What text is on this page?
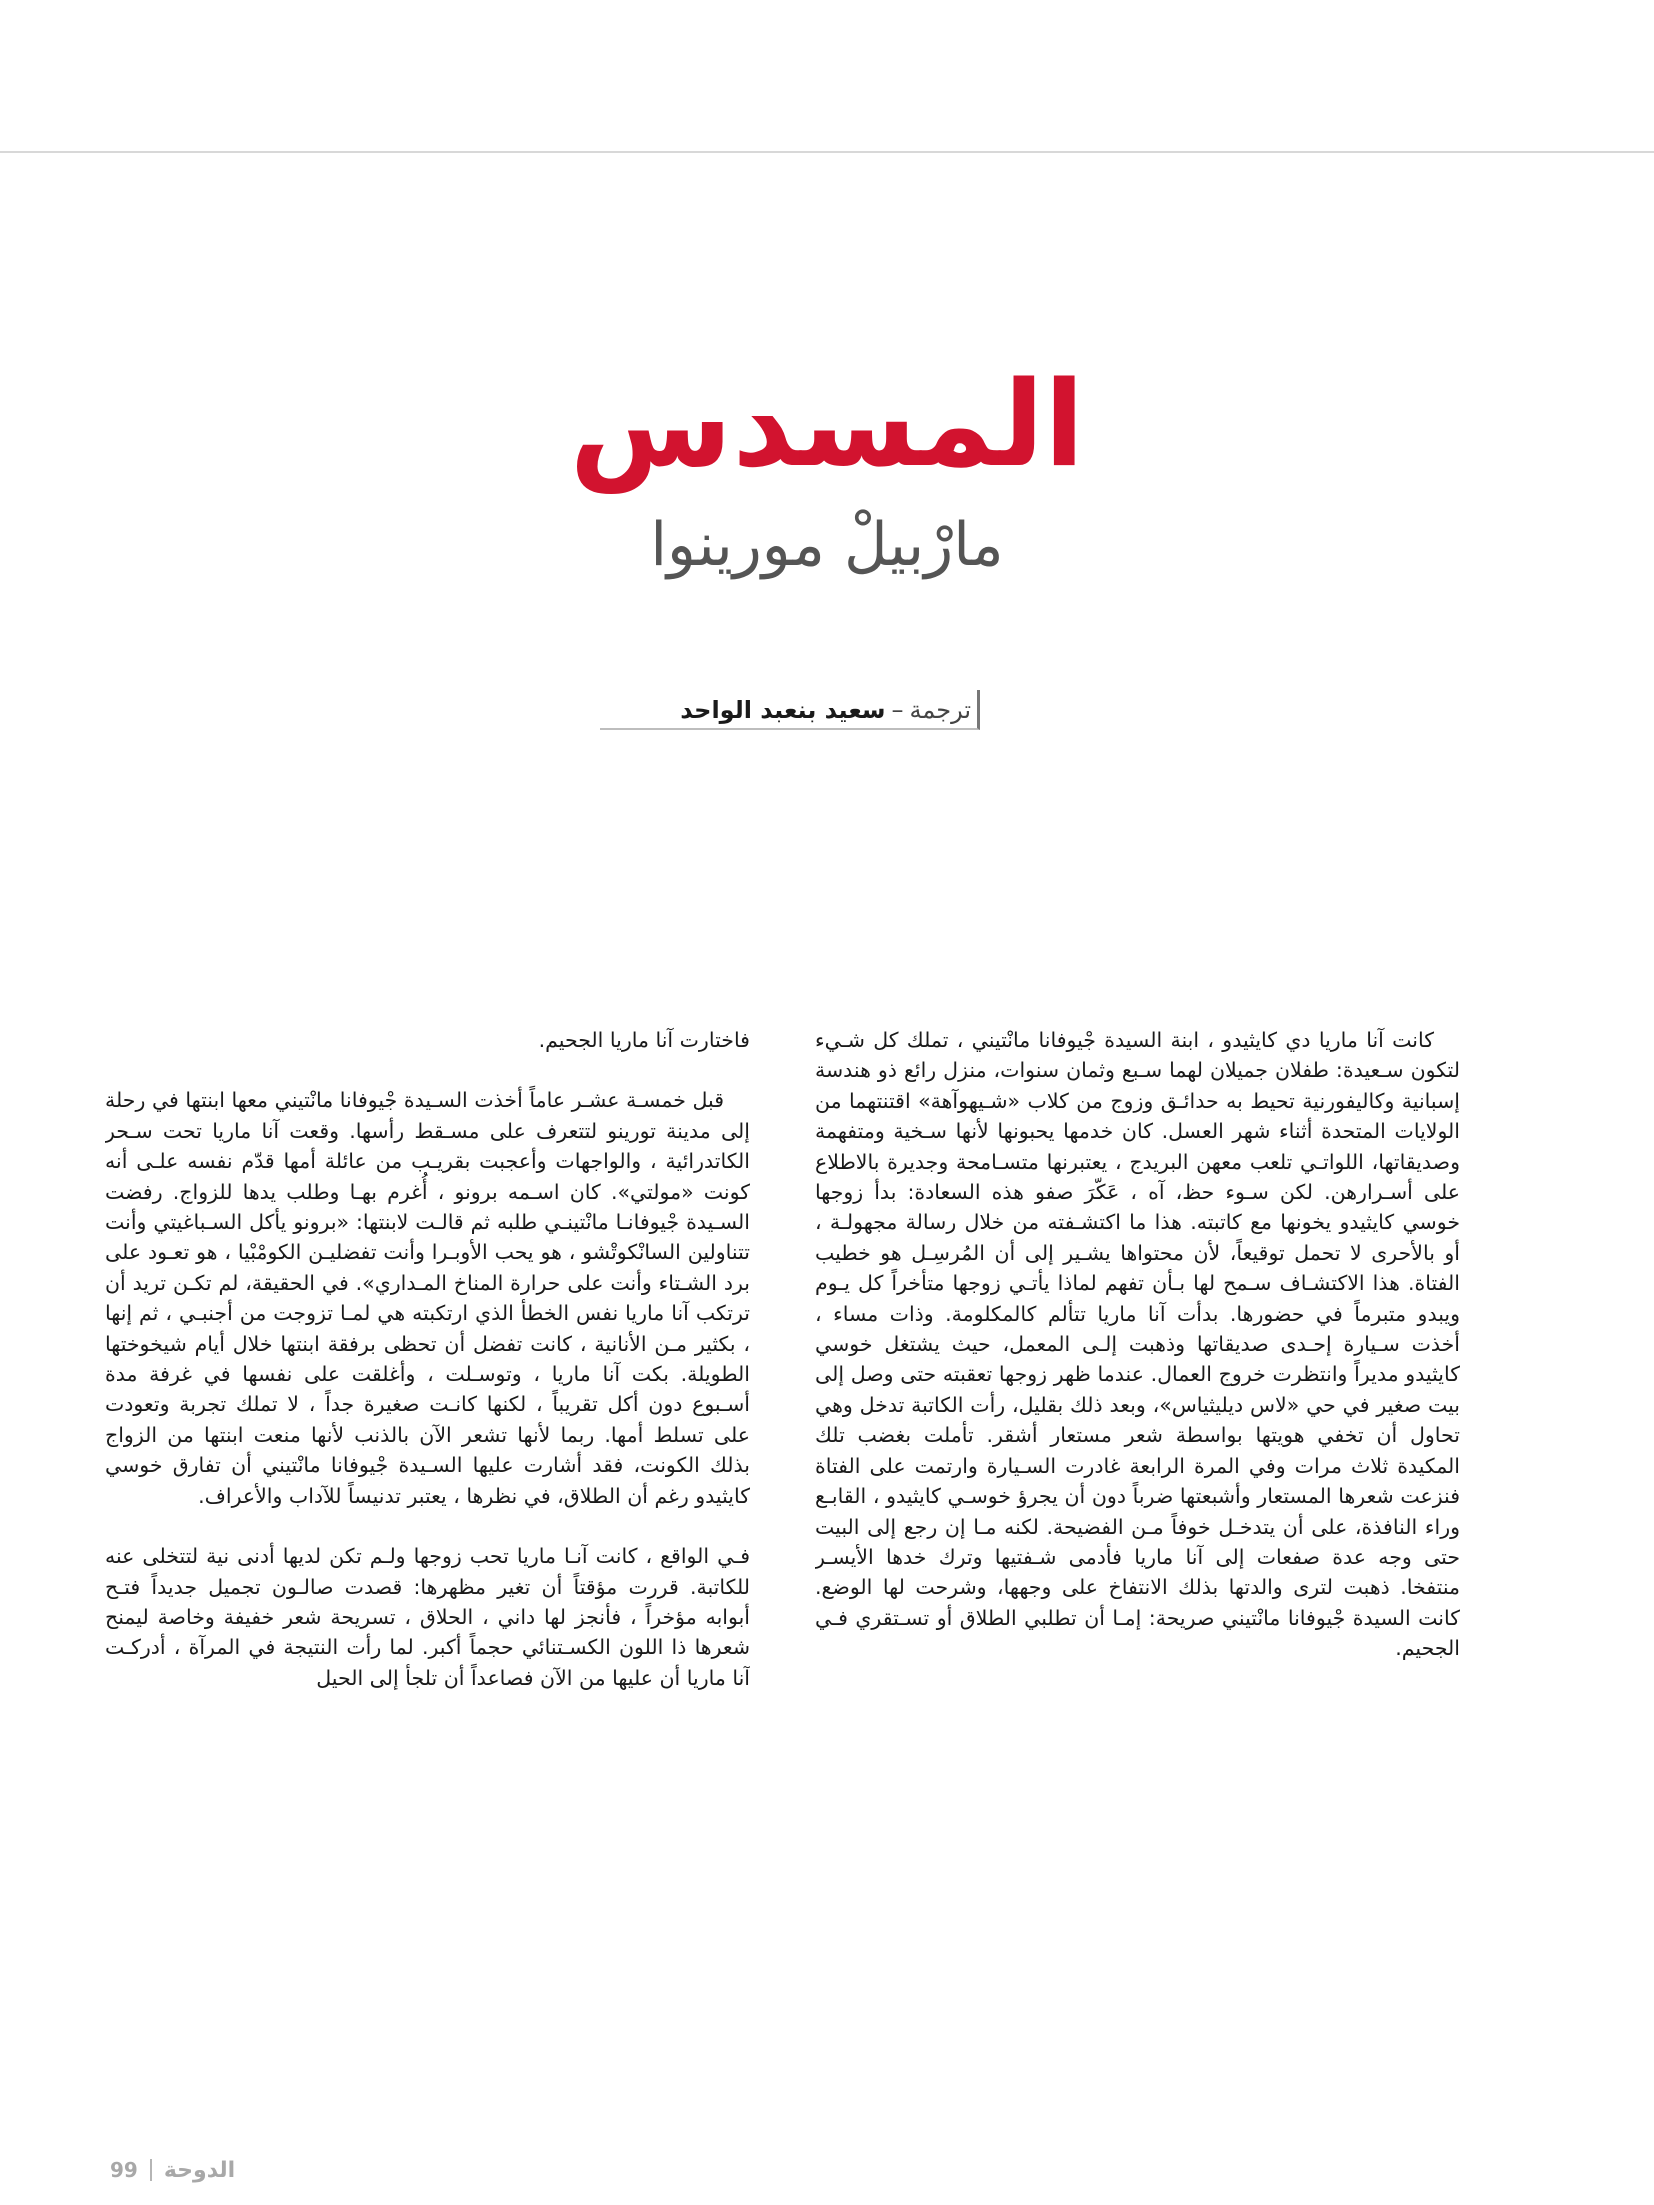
المسدس
مارْبيلْ مورينوا
ترجمة–سعيد بنعبد الواحد

كانت آنا ماريا دي كايثيدو ، ابنة السيدة جْيوفانا مانْتيني ، تملك كل شـيء لتكون سـعيدة: طفلان جميلان لهما سـبع وثمان سنوات، منزل رائع ذو هندسة إسبانية وكاليفورنية تحيط به حدائـق وزوج من كلاب «شـيهوآهة» اقتنتهما من الولايات المتحدة أثناء شهر العسل. كان خدمها يحبونها لأنها سـخية ومتفهمة وصديقاتها، اللواتـي تلعب معهن البريدج ، يعتبرنها متسـامحة وجديرة بالاطلاع على أسـرارهن. لكن سـوء حظ، آه ، عَكّرَ صفو هذه السعادة: بدأ زوجها خوسي كايثيدو يخونها مع كاتبته. هذا ما اكتشـفته من خلال رسالة مجهولـة ، أو بالأحرى لا تحمل توقيعاً، لأن محتواها يشـير إلى أن المُرسِـل هو خطيب الفتاة. هذا الاكتشـاف سـمح لها بـأن تفهم لماذا يأتـي زوجها متأخراً كل يـوم ويبدو متبرماً في حضورها. بدأت آنا ماريا تتألم كالمكلومة. وذات مساء ، أخذت سـيارة إحـدى صديقاتها وذهبت إلـى المعمل، حيث يشتغل خوسي كايثيدو مديراً وانتظرت خروج العمال. عندما ظهر زوجها تعقبته حتى وصل إلى بيت صغير في حي «لاس ديليثياس»، وبعد ذلك بقليل، رأت الكاتبة تدخل وهي تحاول أن تخفي هويتها بواسطة شعر مستعار أشقر. تأملت بغضب تلك المكيدة ثلاث مرات وفي المرة الرابعة غادرت السـيارة وارتمت على الفتاة فنزعت شعرها المستعار وأشبعتها ضرباً دون أن يجرؤ خوسـي كايثيدو ، القابـع وراء النافذة، على أن يتدخـل خوفاً مـن الفضيحة. لكنه مـا إن رجع إلى البيت حتى وجه عدة صفعات إلى آنا ماريا فأدمى شـفتيها وترك خدها الأيسـر منتفخا. ذهبت لترى والدتها بذلك الانتفاخ على وجهها، وشرحت لها الوضع. كانت السيدة جْيوفانا مانْتيني صريحة: إمـا أن تطلبي الطلاق أو تسـتقري فـي الجحيم.

فاختارت آنا ماريا الجحيم.

قبل خمسـة عشـر عاماً أخذت السـيدة جْيوفانا مانْتيني معها ابنتها في رحلة إلى مدينة تورينو لتتعرف على مسـقط رأسها. وقعت آنا ماريا تحت سـحر الكاتدرائية ، والواجهات وأعجبت بقريـب من عائلة أمها قدّم نفسه علـى أنه كونت «مولتي». كان اسـمه برونو ، أُغرم بهـا وطلب يدها للزواج. رفضت السـيدة جْيوفانـا مانْتينـي طلبه ثم قالـت لابنتها: «برونو يأكل السـباغيتي وأنت تتناولين السانْكوتْشو ، هو يحب الأوبـرا وأنت تفضليـن الكومْبْيا ، هو تعـود على برد الشـتاء وأنت على حرارة المناخ المـداري». في الحقيقة، لم تكـن تريد أن ترتكب آنا ماريا نفس الخطأ الذي ارتكبته هي لمـا تزوجت من أجنبـي ، ثم إنها ، بكثير مـن الأنانية ، كانت تفضل أن تحظى برفقة ابنتها خلال أيام شيخوختها الطويلة. بكت آنا ماريا ، وتوسـلت ، وأغلقت على نفسها في غرفة مدة أسـبوع دون أكل تقريباً ، لكنها كانـت صغيرة جداً ، لا تملك تجربة وتعودت على تسلط أمها. ربما لأنها تشعر الآن بالذنب لأنها منعت ابنتها من الزواج بذلك الكونت، فقد أشارت عليها السـيدة جْيوفانا مانْتيني أن تفارق خوسي كايثيدو رغم أن الطلاق، في نظرها ، يعتبر تدنيساً للآداب والأعراف.

فـي الواقع ، كانت آنـا ماريا تحب زوجها ولـم تكن لديها أدنى نية لتتخلى عنه للكاتبة. قررت مؤقتاً أن تغير مظهرها: قصدت صالـون تجميل جديداً فتـح أبوابه مؤخراً ، فأنجز لها داني ، الحلاق ، تسريحة شعر خفيفة وخاصة ليمنح شعرها ذا اللون الكسـتنائي حجماً أكبر. لما رأت النتيجة في المرآة ، أدركـت آنا ماريا أن عليها من الآن فصاعداً أن تلجأ إلى الحيل

99 الدوحة
